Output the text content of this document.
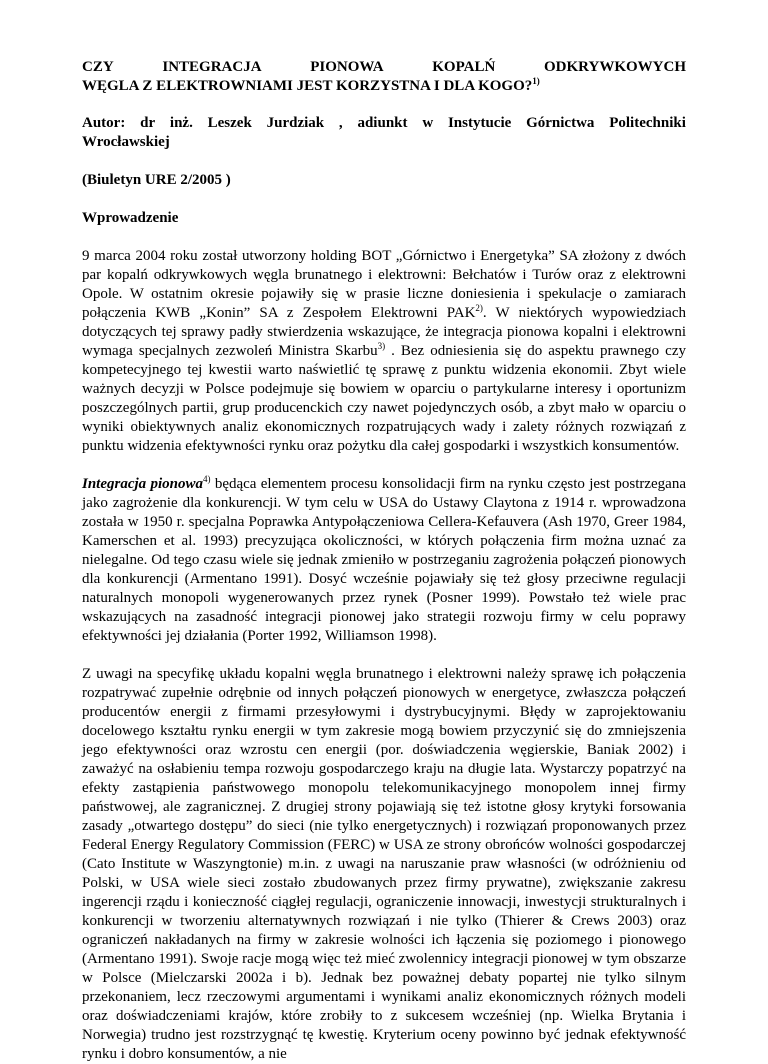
CZY	INTEGRACJA	PIONOWA	KOPALŃ	ODKRYWKOWYCH
WĘGLA Z ELEKTROWNIAMI JEST KORZYSTNA I DLA KOGO?$^{1)}$
Autor: dr inż. Leszek Jurdziak , adiunkt w Instytucie Górnictwa Politechniki
Wrocławskiej
(Biuletyn URE 2/2005 )
Wprowadzenie

9 marca 2004 roku został utworzony holding BOT „Górnictwo i Energetyka” SA złożony z dwóch par kopalń odkrywkowych węgla brunatnego i elektrowni: Bełchatów i Turów oraz z elektrowni Opole. W ostatnim okresie pojawiły się w prasie liczne doniesienia i spekulacje o zamiarach połączenia KWB „Konin” SA z Zespołem Elektrowni PAK$^{2)}$. W niektórych wypowiedziach dotyczących tej sprawy padły stwierdzenia wskazujące, że integracja pionowa kopalni i elektrowni wymaga specjalnych zezwoleń Ministra Skarbu$^{3)}$ . Bez odniesienia się do aspektu prawnego czy kompetecyjnego tej kwestii warto naświetlić tę sprawę z punktu widzenia ekonomii. Zbyt wiele ważnych decyzji w Polsce podejmuje się bowiem w oparciu o partykularne interesy i oportunizm poszczególnych partii, grup producenckich czy nawet pojedynczych osób, a zbyt mało w oparciu o wyniki obiektywnych analiz ekonomicznych rozpatrujących wady i zalety różnych rozwiązań z punktu widzenia efektywności rynku oraz pożytku dla całej gospodarki i wszystkich konsumentów.

Integracja pionowa$^{4)}$ będąca elementem procesu konsolidacji firm na rynku często jest postrzegana jako zagrożenie dla konkurencji. W tym celu w USA do Ustawy Claytona z 1914 r. wprowadzona została w 1950 r. specjalna Poprawka Antypołączeniowa Cellera-Kefauvera (Ash 1970, Greer 1984, Kamerschen et al. 1993) precyzująca okoliczności, w których połączenia firm można uznać za nielegalne. Od tego czasu wiele się jednak zmieniło w postrzeganiu zagrożenia połączeń pionowych dla konkurencji (Armentano 1991). Dosyć wcześnie pojawiały się też głosy przeciwne regulacji naturalnych monopoli wygenerowanych przez rynek (Posner 1999). Powstało też wiele prac wskazujących na zasadność integracji pionowej jako strategii rozwoju firmy w celu poprawy efektywności jej działania (Porter 1992, Williamson 1998).

Z uwagi na specyfikę układu kopalni węgla brunatnego i elektrowni należy sprawę ich połączenia rozpatrywać zupełnie odrębnie od innych połączeń pionowych w energetyce, zwłaszcza połączeń producentów energii z firmami przesyłowymi i dystrybucyjnymi. Błędy w zaprojektowaniu docelowego kształtu rynku energii w tym zakresie mogą bowiem przyczynić się do zmniejszenia jego efektywności oraz wzrostu cen energii (por. doświadczenia węgierskie, Baniak 2002) i zaważyć na osłabieniu tempa rozwoju gospodarczego kraju na długie lata. Wystarczy popatrzyć na efekty zastąpienia państwowego monopolu telekomunikacyjnego monopolem innej firmy państwowej, ale zagranicznej. Z drugiej strony pojawiają się też istotne głosy krytyki forsowania zasady „otwartego dostępu” do sieci (nie tylko energetycznych) i rozwiązań proponowanych przez Federal Energy Regulatory Commission (FERC) w USA ze strony obrońców wolności gospodarczej (Cato Institute w Waszyngtonie) m.in. z uwagi na naruszanie praw własności (w odróżnieniu od Polski, w USA wiele sieci zostało zbudowanych przez firmy prywatne), zwiększanie zakresu ingerencji rządu i konieczność ciągłej regulacji, ograniczenie innowacji, inwestycji strukturalnych i konkurencji w tworzeniu alternatywnych rozwiązań i nie tylko (Thierer & Crews 2003) oraz ograniczeń nakładanych na firmy w zakresie wolności ich łączenia się poziomego i pionowego (Armentano 1991). Swoje racje mogą więc też mieć zwolennicy integracji pionowej w tym obszarze w Polsce (Mielczarski 2002a i b). Jednak bez poważnej debaty popartej nie tylko silnym przekonaniem, lecz rzeczowymi argumentami i wynikami analiz ekonomicznych różnych modeli oraz doświadczeniami krajów, które zrobiły to z sukcesem wcześniej (np. Wielka Brytania i Norwegia) trudno jest rozstrzygnąć tę kwestię. Kryterium oceny powinno być jednak efektywność rynku i dobro konsumentów, a nie
